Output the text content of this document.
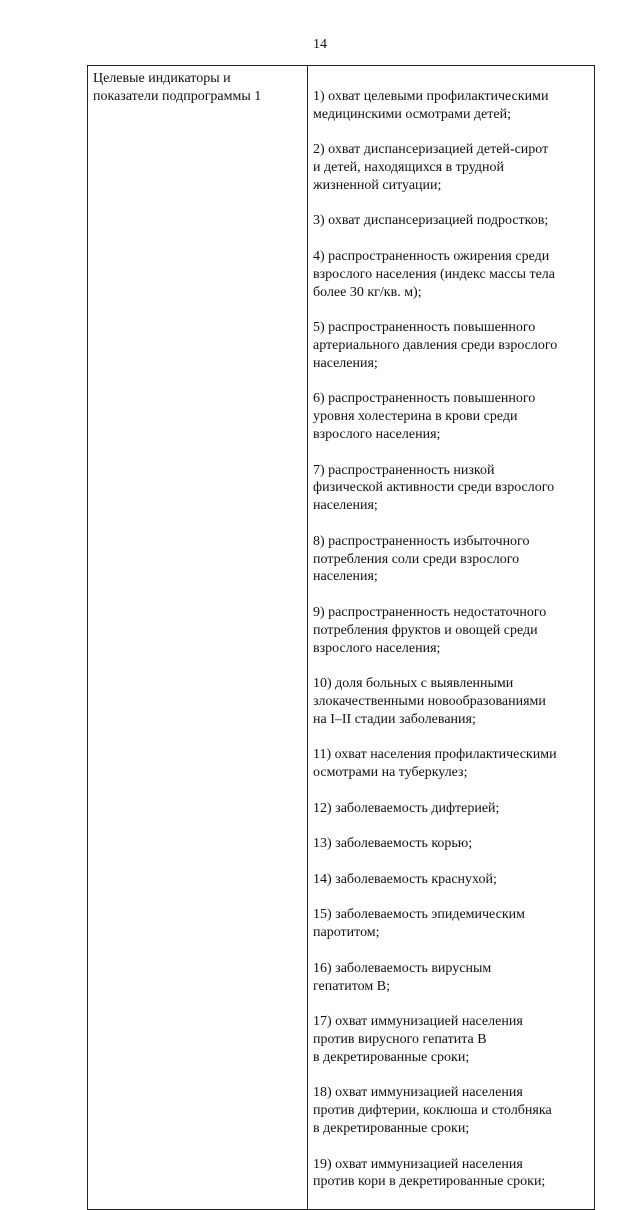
14
Целевые индикаторы и
показатели подпрограммы 1	1) охват целевыми профилактическими
медицинскими осмотрами детей;

2) охват диспансеризацией детей-сирот
и детей, находящихся в трудной
жизненной ситуации;

3) охват диспансеризацией подростков;

4) распространенность ожирения среди
взрослого населения (индекс массы тела
более 30 кг/кв. м);

5) распространенность повышенного
артериального давления среди взрослого
населения;

6) распространенность повышенного
уровня холестерина в крови среди
взрослого населения;

7) распространенность низкой
физической активности среди взрослого
населения;

8) распространенность избыточного
потребления соли среди взрослого
населения;

9) распространенность недостаточного
потребления фруктов и овощей среди
взрослого населения;

10) доля больных с выявленными
злокачественными новообразованиями
на I–II стадии заболевания;

11) охват населения профилактическими
осмотрами на туберкулез;

12) заболеваемость дифтерией;

13) заболеваемость корью;

14) заболеваемость краснухой;

15) заболеваемость эпидемическим
паротитом;

16) заболеваемость вирусным
гепатитом В;

17) охват иммунизацией населения
против вирусного гепатита В
в декретированные сроки;

18) охват иммунизацией населения
против дифтерии, коклюша и столбняка
в декретированные сроки;

19) охват иммунизацией населения
против кори в декретированные сроки;
